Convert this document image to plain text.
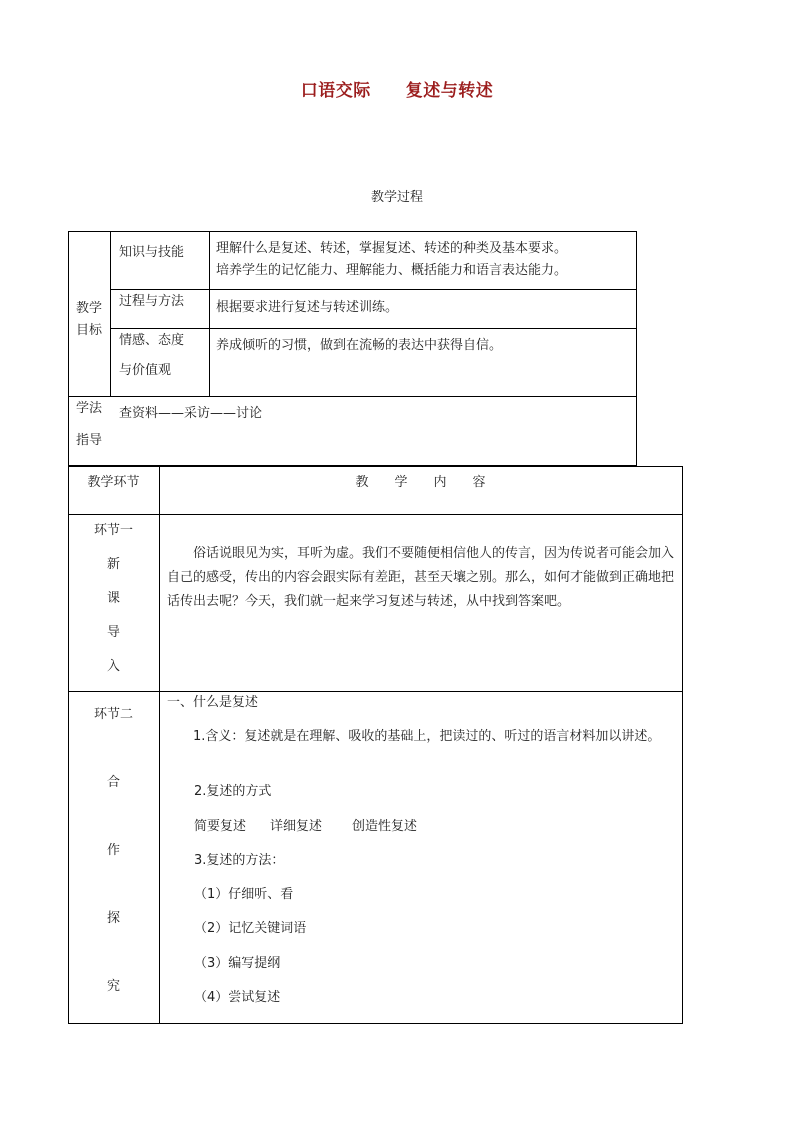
口语交际　　复述与转述
教学过程
教学
目标
知识与技能 理解什么是复述、转述，掌握复述、转述的种类及基本要求。
培养学生的记忆能力、理解能力、概括能力和语言表达能力。
过程与方法 根据要求进行复述与转述训练。
情感、态度
与价值观
养成倾听的习惯，做到在流畅的表达中获得自信。
学法
指导
查资料——采访——讨论
教学环节	教　　学　　内　　容
环节一
新
课
导
入
俗话说眼见为实，耳听为虚。我们不要随便相信他人的传言，因为传说者可能会加入自己的感受，传出的内容会跟实际有差距，甚至天壤之别。那么，如何才能做到正确地把话传出去呢？今天，我们就一起来学习复述与转述，从中找到答案吧。
环节二
合
作
探
究
一、什么是复述
1.含义：复述就是在理解、吸收的基础上，把读过的、听过的语言材料加以讲述。
2.复述的方式
简要复述 详细复述 创造性复述
3.复述的方法：
（1）仔细听、看
（2）记忆关键词语
（3）编写提纲
（4）尝试复述
